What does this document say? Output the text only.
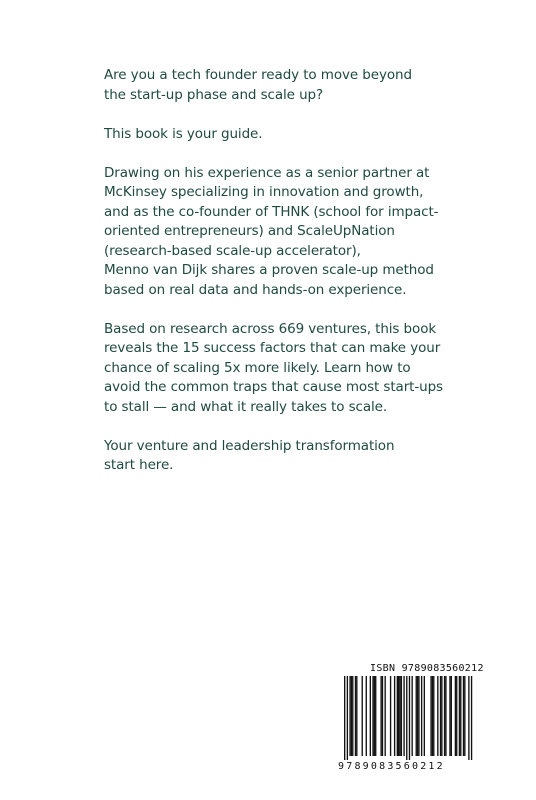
Are you a tech founder ready to move beyond
the start-up phase and scale up?

This book is your guide.

Drawing on his experience as a senior partner at
McKinsey specializing in innovation and growth,
and as the co-founder of THNK (school for impact-
oriented entrepreneurs) and ScaleUpNation
(research-based scale-up accelerator),
Menno van Dijk shares a proven scale-up method
based on real data and hands-on experience.

Based on research across 669 ventures, this book
reveals the 15 success factors that can make your
chance of scaling 5x more likely. Learn how to
avoid the common traps that cause most start-ups
to stall — and what it really takes to scale.

Your venture and leadership transformation
start here.

ISBN 9789083560212
9789083560212
